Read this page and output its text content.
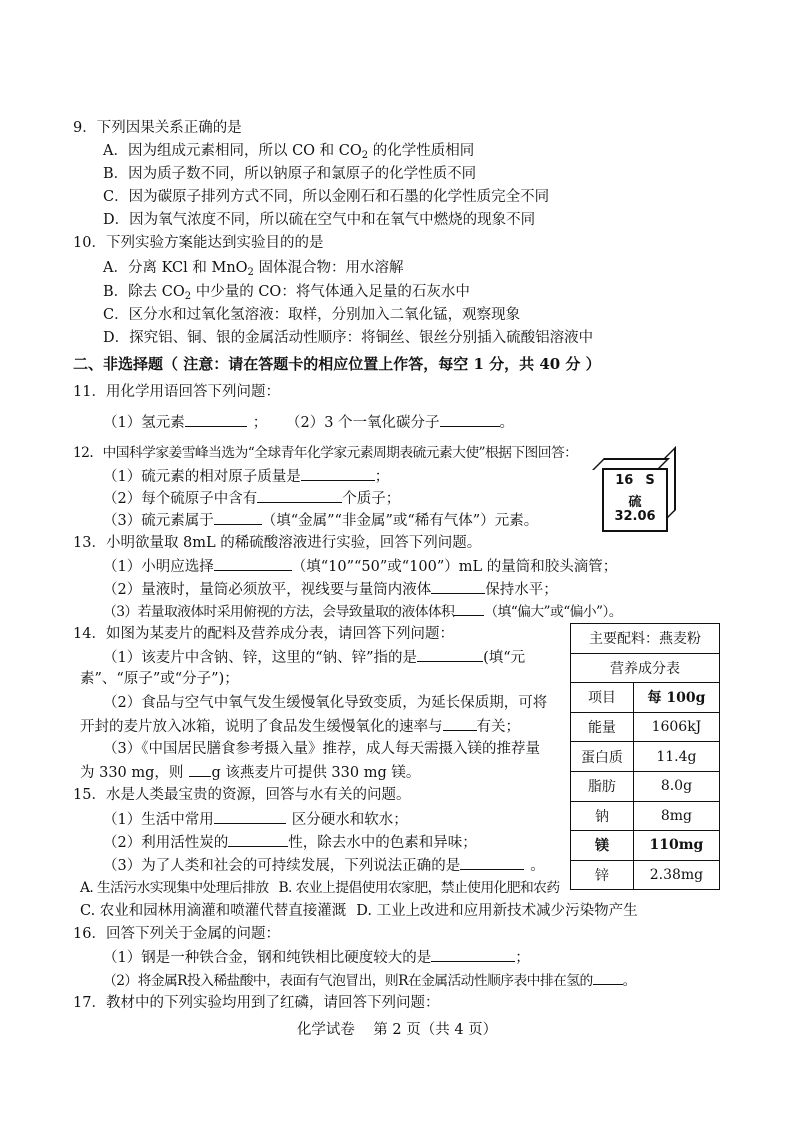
9．下列因果关系正确的是
A．因为组成元素相同，所以 CO 和 $CO_2$ 的化学性质相同
B．因为质子数不同，所以钠原子和氯原子的化学性质不同
C．因为碳原子排列方式不同，所以金刚石和石墨的化学性质完全不同
D．因为氧气浓度不同，所以硫在空气中和在氧气中燃烧的现象不同
10．下列实验方案能达到实验目的的是
A．分离 KCl 和 MnO$_2$ 固体混合物：用水溶解
B．除去 $CO_2$ 中少量的 CO：将气体通入足量的石灰水中
C．区分水和过氧化氢溶液：取样，分别加入二氧化锰，观察现象
D．探究铝、铜、银的金属活动性顺序：将铜丝、银丝分别插入硫酸铝溶液中
二、非选择题（ 注意：请在答题卡的相应位置上作答，每空 1 分，共 40 分 ）
11．用化学用语回答下列问题：
（1）氢元素	； （2）3 个一氧化碳分子	。
12．中国科学家姜雪峰当选为“全球青年化学家元素周期表硫元素大使”根据下图回答：
（1）硫元素的相对原子质量是	；
（2）每个硫原子中含有	个质子；
（3）硫元素属于	（填“金属”“非金属”或“稀有气体”）元素。
16 S
硫
32.06
13．小明欲量取 8mL 的稀硫酸溶液进行实验，回答下列问题。
（1）小明应选择	（填“10”“50”或“100”）mL 的量筒和胶头滴管；
（2）量液时，量筒必须放平，视线要与量筒内液体	保持水平；
（3）若量取液体时采用俯视的方法，会导致量取的液体体积 （填“偏大”或“偏小”）。
14．如图为某麦片的配料及营养成分表，请回答下列问题：
（1）该麦片中含钠、锌，这里的“钠、锌”指的是	(填“元
素”、“原子”或“分子”)；
（2）食品与空气中氧气发生缓慢氧化导致变质，为延长保质期，可将
开封的麦片放入冰箱，说明了食品发生缓慢氧化的速率与 有关；
（3）《中国居民膳食参考摄入量》推荐，成人每天需摄入镁的推荐量
为 330 mg，则 g 该燕麦片可提供 330 mg 镁。
主要配料：燕麦粉	
营养成分表	
项目	每 100g
能量	1606kJ
蛋白质	11.4g
脂肪	8.0g
钠	8mg
镁	110mg
锌	2.38mg
15．水是人类最宝贵的资源，回答与水有关的问题。
（1）生活中常用	区分硬水和软水；
（2）利用活性炭的	性，除去水中的色素和异味；
（3）为了人类和社会的可持续发展，下列说法正确的是	。
A. 生活污水实现集中处理后排放 B. 农业上提倡使用农家肥，禁止使用化肥和农药
C. 农业和园林用滴灌和喷灌代替直接灌溉 D. 工业上改进和应用新技术减少污染物产生
16．回答下列关于金属的问题：
（1）钢是一种铁合金，钢和纯铁相比硬度较大的是	；
（2）将金属R投入稀盐酸中，表面有气泡冒出，则R在金属活动性顺序表中排在氢的 。
17．教材中的下列实验均用到了红磷，请回答下列问题：
化学试卷    第 2 页（共 4 页）
